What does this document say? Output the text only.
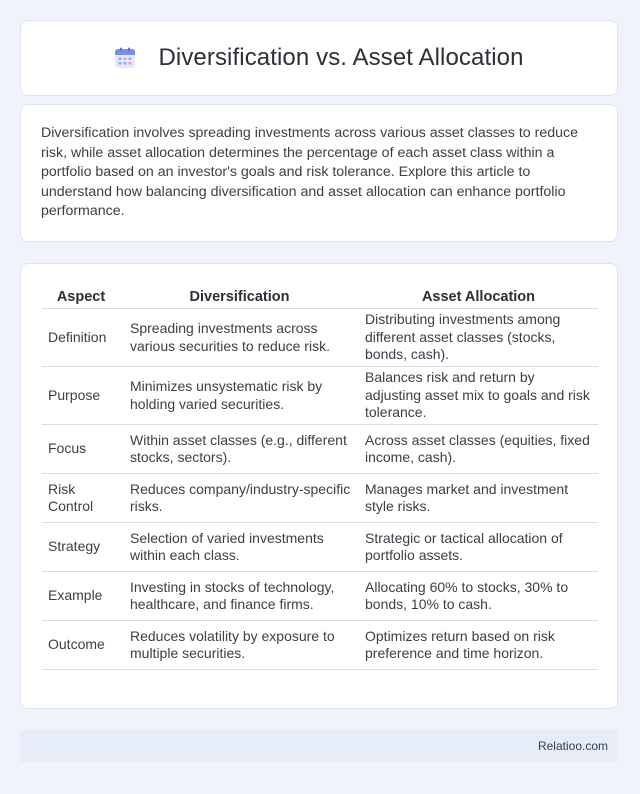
Diversification vs. Asset Allocation

Diversification involves spreading investments across various asset classes to reduce risk, while asset allocation determines the percentage of each asset class within a portfolio based on an investor's goals and risk tolerance. Explore this article to understand how balancing diversification and asset allocation can enhance portfolio performance.

Aspect	Diversification	Asset Allocation
Definition	Spreading investments across various securities to reduce risk.	Distributing investments among different asset classes (stocks, bonds, cash).
Purpose	Minimizes unsystematic risk by holding varied securities.	Balances risk and return by adjusting asset mix to goals and risk tolerance.
Focus	Within asset classes (e.g., different stocks, sectors).	Across asset classes (equities, fixed income, cash).
Risk Control	Reduces company/industry-specific risks.	Manages market and investment style risks.
Strategy	Selection of varied investments within each class.	Strategic or tactical allocation of portfolio assets.
Example	Investing in stocks of technology, healthcare, and finance firms.	Allocating 60% to stocks, 30% to bonds, 10% to cash.
Outcome	Reduces volatility by exposure to multiple securities.	Optimizes return based on risk preference and time horizon.
Relatioo.com
